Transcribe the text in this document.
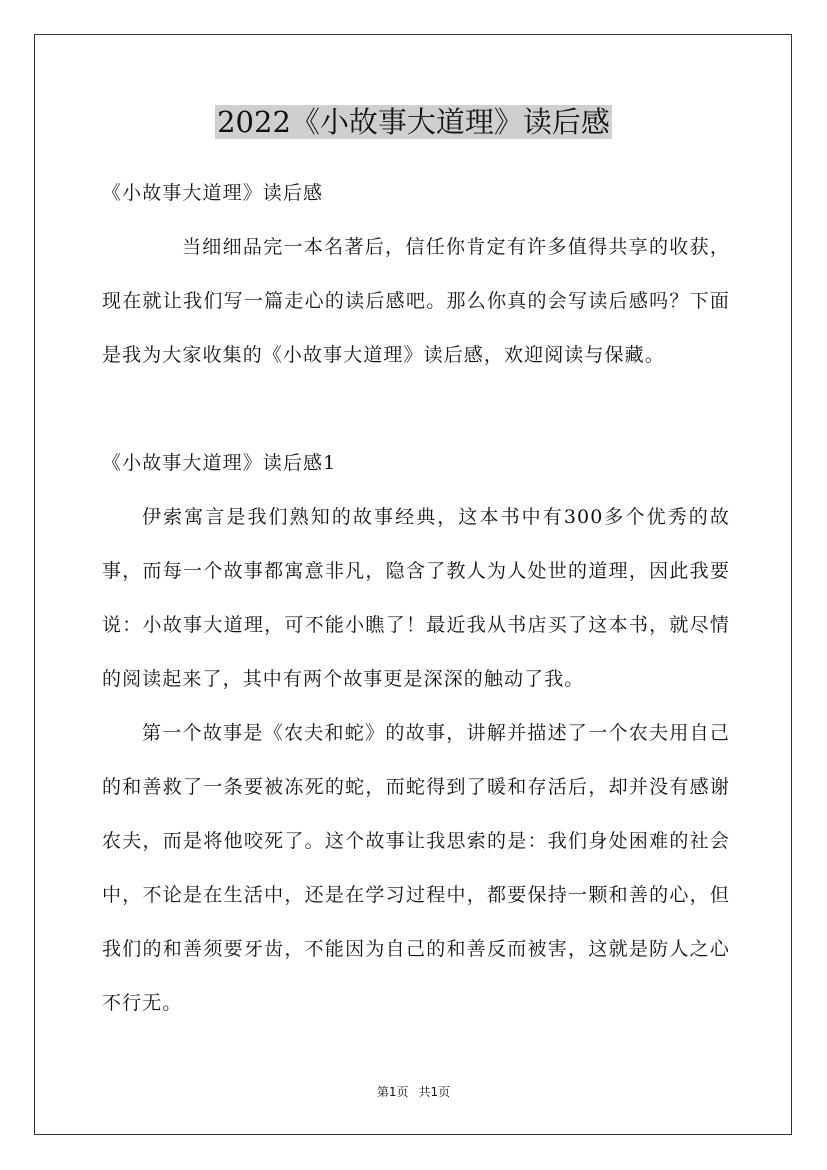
2022《小故事大道理》读后感

《小故事大道理》读后感

当细细品完一本名著后，信任你肯定有许多值得共享的收获，现在就让我们写一篇走心的读后感吧。那么你真的会写读后感吗？下面是我为大家收集的《小故事大道理》读后感，欢迎阅读与保藏。

《小故事大道理》读后感1

伊索寓言是我们熟知的故事经典，这本书中有300多个优秀的故事，而每一个故事都寓意非凡，隐含了教人为人处世的道理，因此我要说：小故事大道理，可不能小瞧了！最近我从书店买了这本书，就尽情的阅读起来了，其中有两个故事更是深深的触动了我。

第一个故事是《农夫和蛇》的故事，讲解并描述了一个农夫用自己的和善救了一条要被冻死的蛇，而蛇得到了暖和存活后，却并没有感谢农夫，而是将他咬死了。这个故事让我思索的是：我们身处困难的社会中，不论是在生活中，还是在学习过程中，都要保持一颗和善的心，但我们的和善须要牙齿，不能因为自己的和善反而被害，这就是防人之心不行无。

第1页 共1页
